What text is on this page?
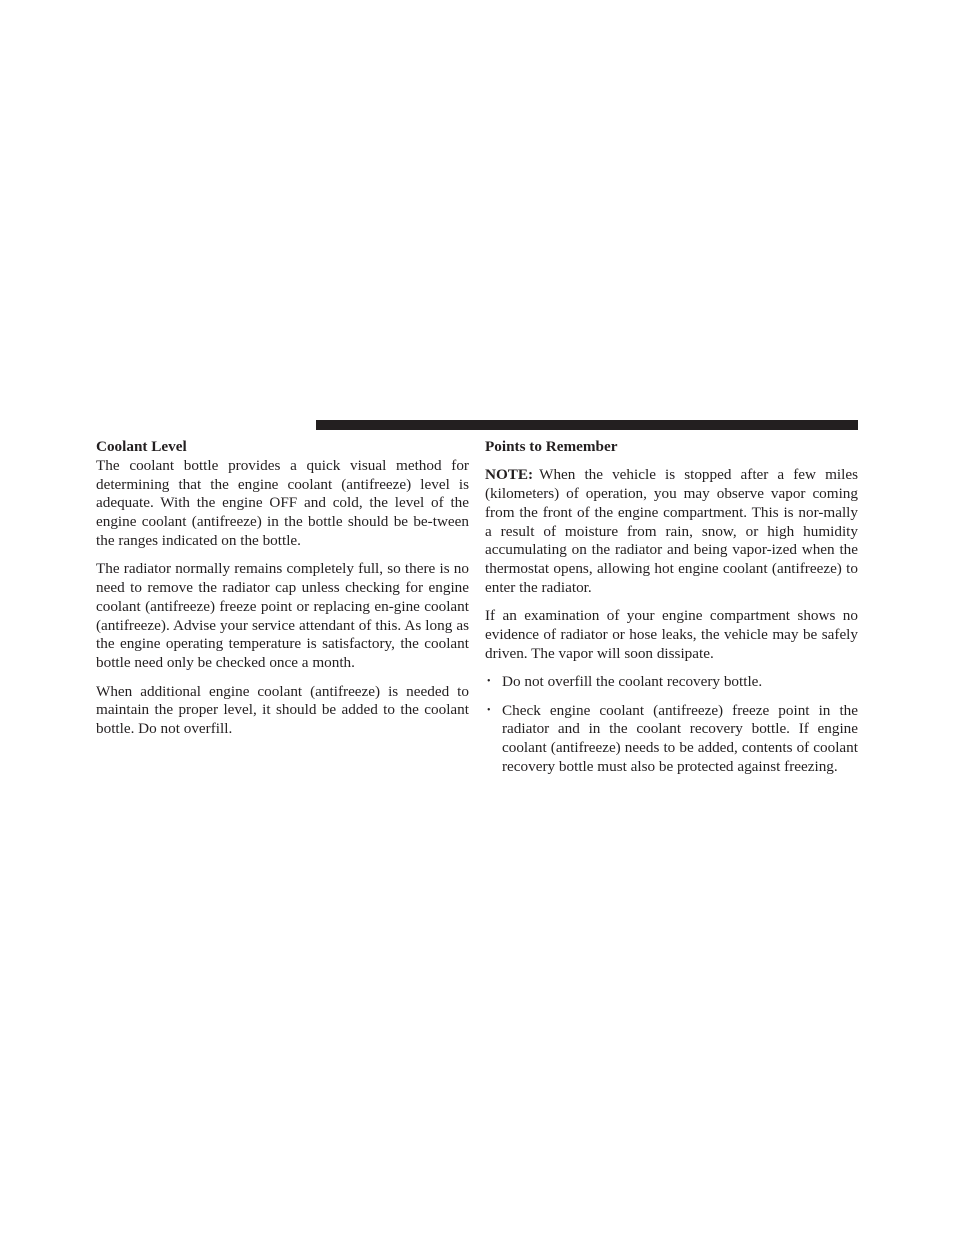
Coolant Level

The coolant bottle provides a quick visual method for determining that the engine coolant (antifreeze) level is adequate. With the engine OFF and cold, the level of the engine coolant (antifreeze) in the bottle should be be-tween the ranges indicated on the bottle.

The radiator normally remains completely full, so there is no need to remove the radiator cap unless checking for engine coolant (antifreeze) freeze point or replacing en-gine coolant (antifreeze). Advise your service attendant of this. As long as the engine operating temperature is satisfactory, the coolant bottle need only be checked once a month.

When additional engine coolant (antifreeze) is needed to maintain the proper level, it should be added to the coolant bottle. Do not overfill.

Points to Remember

NOTE: When the vehicle is stopped after a few miles (kilometers) of operation, you may observe vapor coming from the front of the engine compartment. This is nor-mally a result of moisture from rain, snow, or high humidity accumulating on the radiator and being vapor-ized when the thermostat opens, allowing hot engine coolant (antifreeze) to enter the radiator.

If an examination of your engine compartment shows no evidence of radiator or hose leaks, the vehicle may be safely driven. The vapor will soon dissipate.

• Do not overfill the coolant recovery bottle.
• Check engine coolant (antifreeze) freeze point in the radiator and in the coolant recovery bottle. If engine coolant (antifreeze) needs to be added, contents of coolant recovery bottle must also be protected against freezing.
